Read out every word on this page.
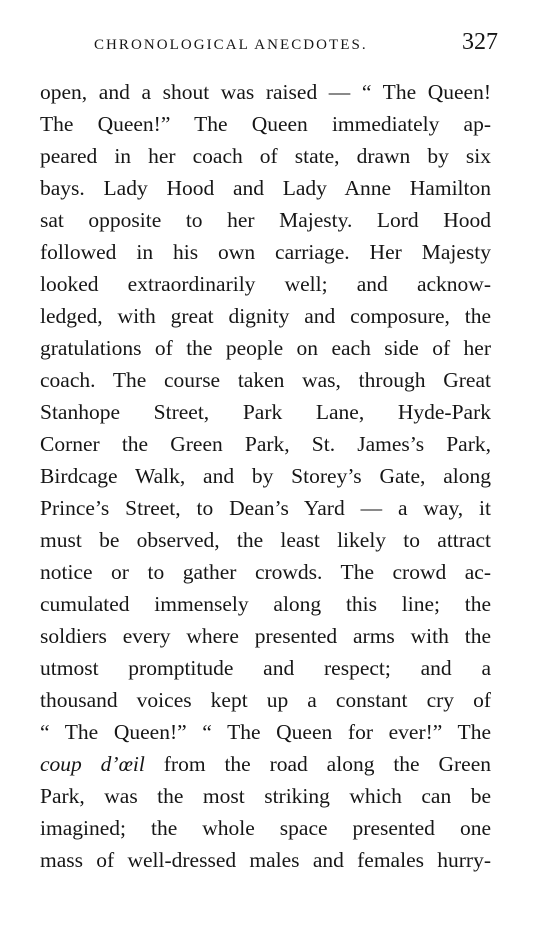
CHRONOLOGICAL ANECDOTES.	327
open, and a shout was raised — “ The Queen!
The Queen!” The Queen immediately ap-
peared in her coach of state, drawn by six
bays. Lady Hood and Lady Anne Hamilton
sat opposite to her Majesty. Lord Hood
followed in his own carriage. Her Majesty
looked extraordinarily well; and acknow-
ledged, with great dignity and composure, the
gratulations of the people on each side of her
coach. The course taken was, through Great
Stanhope Street, Park Lane, Hyde-Park
Corner the Green Park, St. James’s Park,
Birdcage Walk, and by Storey’s Gate, along
Prince’s Street, to Dean’s Yard — a way, it
must be observed, the least likely to attract
notice or to gather crowds. The crowd ac-
cumulated immensely along this line; the
soldiers every where presented arms with the
utmost promptitude and respect; and a
thousand voices kept up a constant cry of
“ The Queen!” “ The Queen for ever!” The
coup d’œil from the road along the Green
Park, was the most striking which can be
imagined; the whole space presented one
mass of well-dressed males and females hurry-
